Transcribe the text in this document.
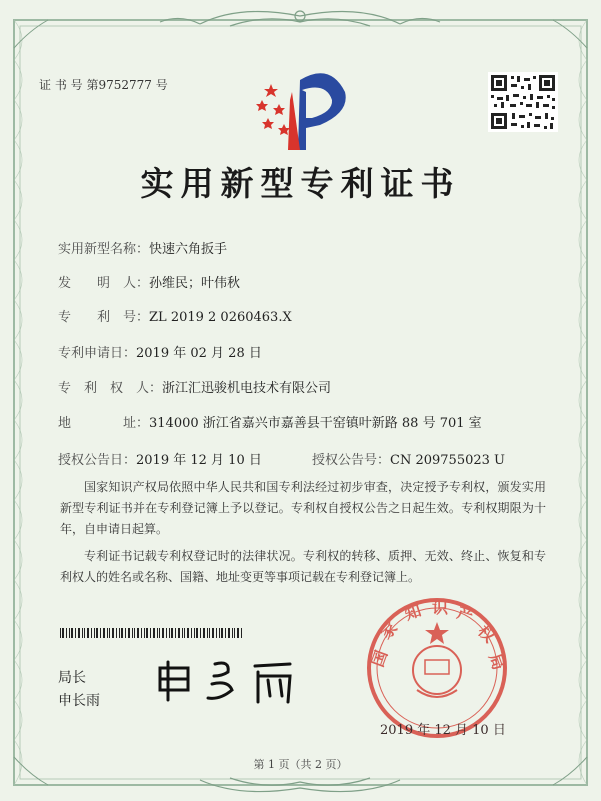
国
家
知 识 产
权
局
证 书 号 第9752777 号
实用新型专利证书
实用新型名称：快速六角扳手
发　　明　人：孙维民；叶伟秋
专　　利　号：ZL 2019 2 0260463.X
专利申请日：2019 年 02 月 28 日
专　利　权　人：浙江汇迅骏机电技术有限公司
地　　　　址：314000 浙江省嘉兴市嘉善县干窑镇叶新路 88 号 701 室
授权公告日：2019 年 12 月 10 日	授权公告号：CN 209755023 U
国家知识产权局依照中华人民共和国专利法经过初步审查，决定授予专利权，颁发实用新型专利证书并在专利登记簿上予以登记。专利权自授权公告之日起生效。专利权期限为十年，自申请日起算。
专利证书记载专利权登记时的法律状况。专利权的转移、质押、无效、终止、恢复和专利权人的姓名或名称、国籍、地址变更等事项记载在专利登记簿上。
局长
申长雨
2019 年 12 月 10 日
第 1 页（共 2 页）
